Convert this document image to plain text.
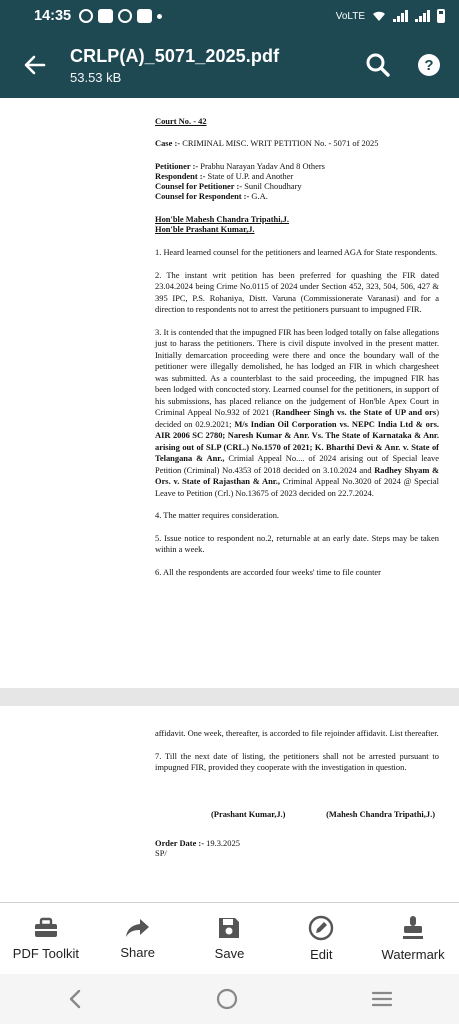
14:35	VoLTE
CRLP(A)_5071_2025.pdf
53.53 kB
?
Court No. - 42
Case :- CRIMINAL MISC. WRIT PETITION No. - 5071 of 2025
Petitioner :- Prabhu Narayan Yadav And 8 Others
Respondent :- State of U.P. and Another
Counsel for Petitioner :- Sunil Choudhary
Counsel for Respondent :- G.A.
Hon'ble Mahesh Chandra Tripathi,J.
Hon'ble Prashant Kumar,J.
1. Heard learned counsel for the petitioners and learned AGA for State respondents.
2. The instant writ petition has been preferred for quashing the FIR dated 23.04.2024 being Crime No.0115 of 2024 under Section 452, 323, 504, 506, 427 & 395 IPC, P.S. Rohaniya, Distt. Varuna (Commissionerate Varanasi) and for a direction to respondents not to arrest the petitioners pursuant to impugned FIR.
3. It is contended that the impugned FIR has been lodged totally on false allegations just to harass the petitioners. There is civil dispute involved in the present matter. Initially demarcation proceeding were there and once the boundary wall of the petitioner were illegally demolished, he has lodged an FIR in which chargesheet was submitted. As a counterblast to the said proceeding, the impugned FIR has been lodged with concocted story. Learned counsel for the petitioners, in support of his submissions, has placed reliance on the judgement of Hon'ble Apex Court in Criminal Appeal No.932 of 2021 (Randheer Singh vs. the State of UP and ors) decided on 02.9.2021; M/s Indian Oil Corporation vs. NEPC India Ltd & ors. AIR 2006 SC 2780; Naresh Kumar & Anr. Vs. The State of Karnataka & Anr. arising out of SLP (CRL.) No.1570 of 2021; K. Bharthi Devi & Anr. v. State of Telangana & Anr., Crimial Appeal No.... of 2024 arising out of Special leave Petition (Criminal) No.4353 of 2018 decided on 3.10.2024 and Radhey Shyam & Ors. v. State of Rajasthan & Anr., Criminal Appeal No.3020 of 2024 @ Special Leave to Petition (Crl.) No.13675 of 2023 decided on 22.7.2024.
4. The matter requires consideration.
5. Issue notice to respondent no.2, returnable at an early date. Steps may be taken within a week.
6. All the respondents are accorded four weeks' time to file counter
affidavit. One week, thereafter, is accorded to file rejoinder affidavit. List thereafter.
7. Till the next date of listing, the petitioners shall not be arrested pursuant to impugned FIR, provided they cooperate with the investigation in question.
(Prashant Kumar,J.)	(Mahesh Chandra Tripathi,J.)
Order Date :- 19.3.2025
SP/
PDF Toolkit	Share	Save	Edit	Watermark
